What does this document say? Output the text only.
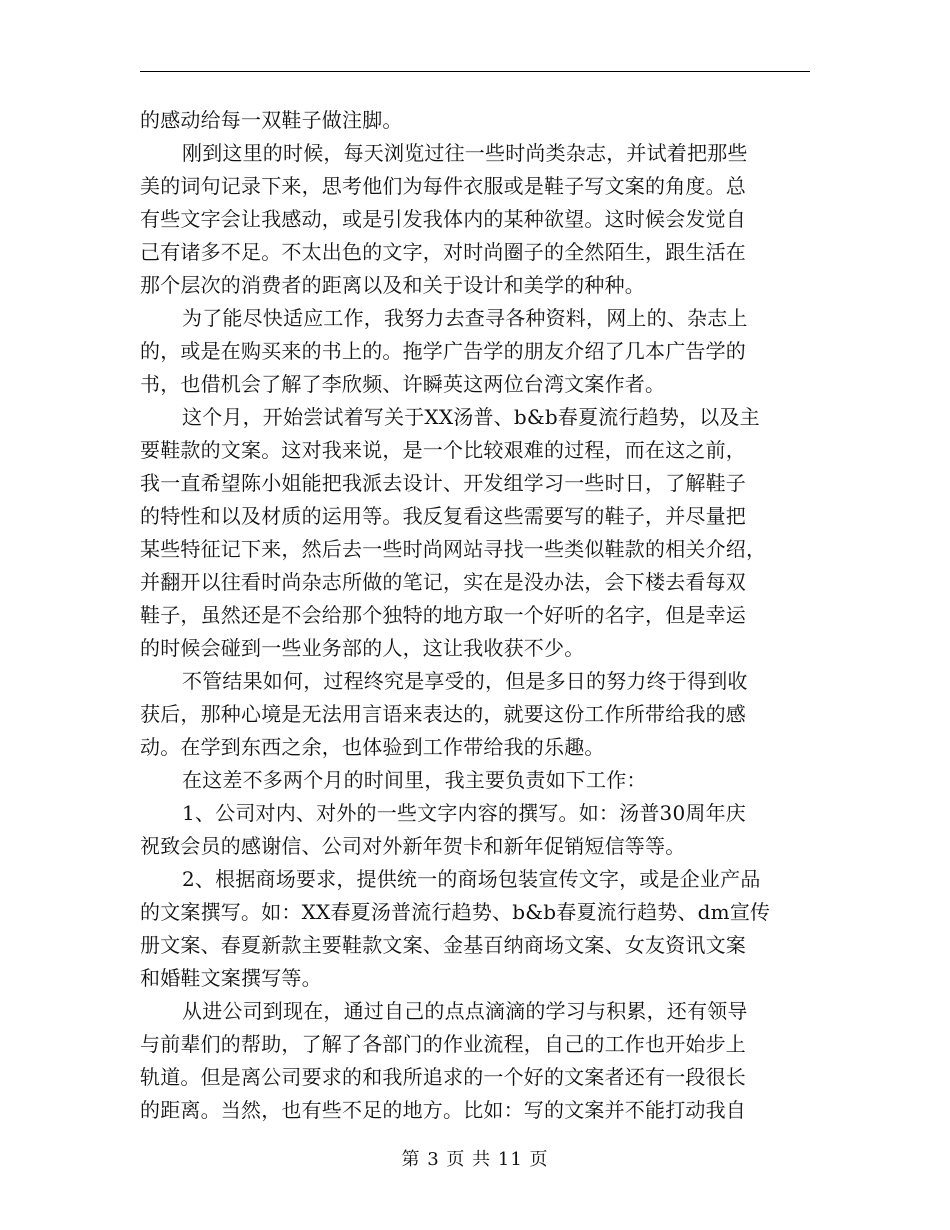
的感动给每一双鞋子做注脚。
刚到这里的时候，每天浏览过往一些时尚类杂志，并试着把那些
美的词句记录下来，思考他们为每件衣服或是鞋子写文案的角度。总
有些文字会让我感动，或是引发我体内的某种欲望。这时候会发觉自
己有诸多不足。不太出色的文字，对时尚圈子的全然陌生，跟生活在
那个层次的消费者的距离以及和关于设计和美学的种种。
为了能尽快适应工作，我努力去查寻各种资料，网上的、杂志上
的，或是在购买来的书上的。拖学广告学的朋友介绍了几本广告学的
书，也借机会了解了李欣频、许瞬英这两位台湾文案作者。
这个月，开始尝试着写关于XX汤普、b&b春夏流行趋势，以及主
要鞋款的文案。这对我来说，是一个比较艰难的过程，而在这之前，
我一直希望陈小姐能把我派去设计、开发组学习一些时日，了解鞋子
的特性和以及材质的运用等。我反复看这些需要写的鞋子，并尽量把
某些特征记下来，然后去一些时尚网站寻找一些类似鞋款的相关介绍，
并翻开以往看时尚杂志所做的笔记，实在是没办法，会下楼去看每双
鞋子，虽然还是不会给那个独特的地方取一个好听的名字，但是幸运
的时候会碰到一些业务部的人，这让我收获不少。
不管结果如何，过程终究是享受的，但是多日的努力终于得到收
获后，那种心境是无法用言语来表达的，就要这份工作所带给我的感
动。在学到东西之余，也体验到工作带给我的乐趣。
在这差不多两个月的时间里，我主要负责如下工作：
1、公司对内、对外的一些文字内容的撰写。如：汤普30周年庆
祝致会员的感谢信、公司对外新年贺卡和新年促销短信等等。
2、根据商场要求，提供统一的商场包装宣传文字，或是企业产品
的文案撰写。如：XX春夏汤普流行趋势、b&b春夏流行趋势、dm宣传
册文案、春夏新款主要鞋款文案、金基百纳商场文案、女友资讯文案
和婚鞋文案撰写等。
从进公司到现在，通过自己的点点滴滴的学习与积累，还有领导
与前辈们的帮助，了解了各部门的作业流程，自己的工作也开始步上
轨道。但是离公司要求的和我所追求的一个好的文案者还有一段很长
的距离。当然，也有些不足的地方。比如：写的文案并不能打动我自
第 3 页 共 11 页
